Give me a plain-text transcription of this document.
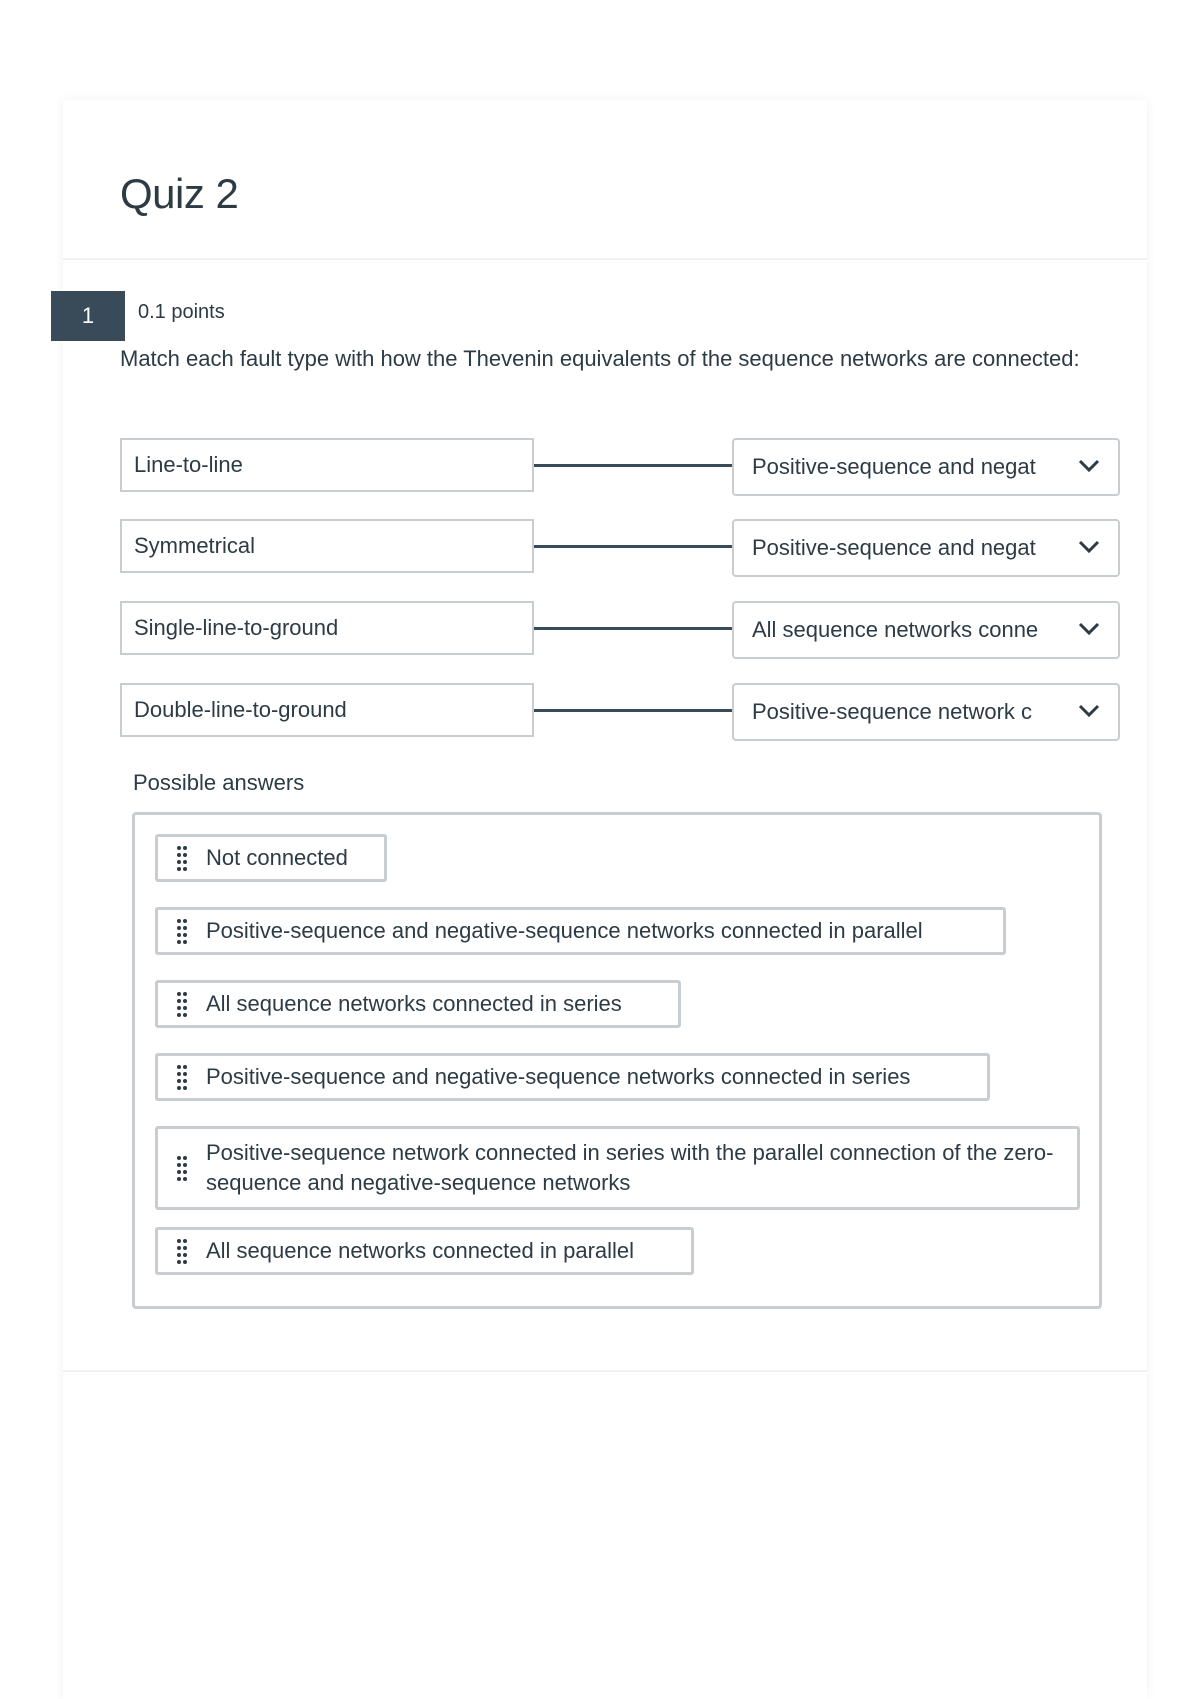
Quiz 2
1	0.1 points

Match each fault type with how the Thevenin equivalents of the sequence networks are connected:

Line-to-line	Positive-sequence and negat
Symmetrical	Positive-sequence and negat
Single-line-to-ground	All sequence networks conne
Double-line-to-ground	Positive-sequence network c
Possible answers
Not connected
Positive-sequence and negative-sequence networks connected in parallel
All sequence networks connected in series
Positive-sequence and negative-sequence networks connected in series
Positive-sequence network connected in series with the parallel connection of the zero-sequence and negative-sequence networks
All sequence networks connected in parallel
